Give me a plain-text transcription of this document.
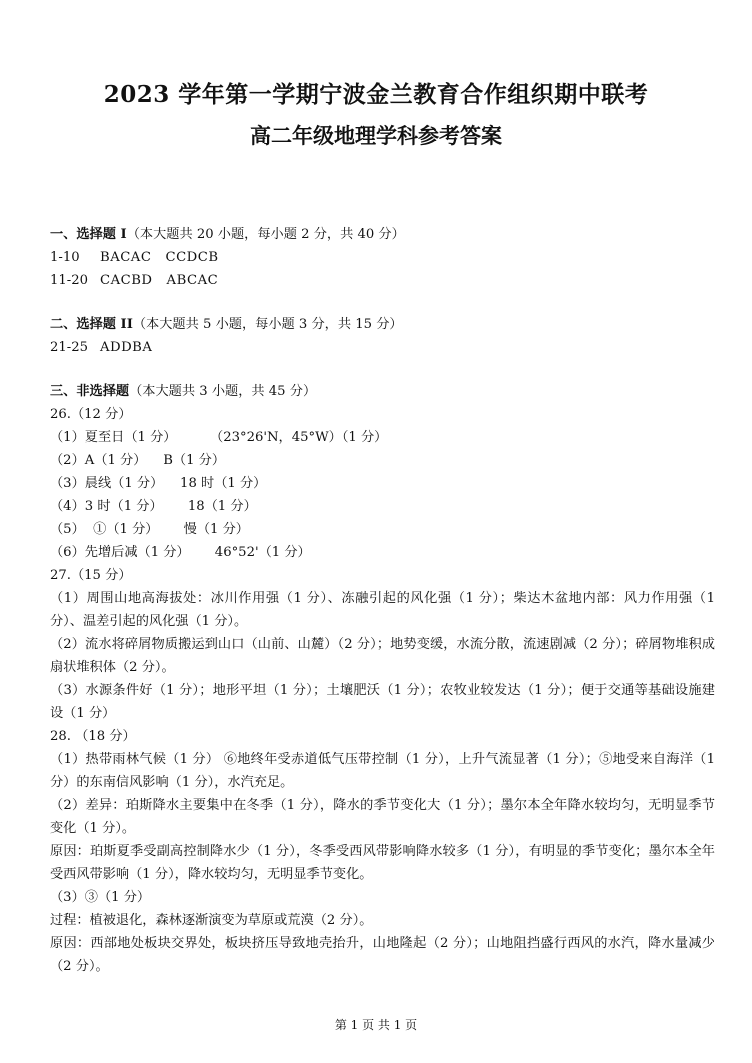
2023 学年第一学期宁波金兰教育合作组织期中联考
高二年级地理学科参考答案
一、选择题 I（本大题共 20 小题，每小题 2 分，共 40 分）
1-10 BACAC   CCDCB
11-20 CACBD   ABCAC
二、选择题 II（本大题共 5 小题，每小题 3 分，共 15 分）
21-25 ADDBA
三、非选择题（本大题共 3 小题，共 45 分）
26.（12 分）
（1）夏至日（1 分）        （23°26'N，45°W）（1 分）
（2）A（1 分）    B（1 分）
（3）晨线（1 分）    18 时（1 分）
（4）3 时（1 分）      18（1 分）
（5）  ①（1 分）      慢（1 分）
（6）先增后减（1 分）      46°52'（1 分）
27.（15 分）
（1）周围山地高海拔处：冰川作用强（1 分）、冻融引起的风化强（1 分）；柴达木盆地内部：风力作用强（1 分）、温差引起的风化强（1 分）。
（2）流水将碎屑物质搬运到山口（山前、山麓）（2 分）；地势变缓，水流分散，流速剧减（2 分）；碎屑物堆积成扇状堆积体（2 分）。
（3）水源条件好（1 分）；地形平坦（1 分）；土壤肥沃（1 分）；农牧业较发达（1 分）；便于交通等基础设施建设（1 分）
28. （18 分）
（1）热带雨林气候（1 分） ⑥地终年受赤道低气压带控制（1 分），上升气流显著（1 分）；⑤地受来自海洋（1 分）的东南信风影响（1 分），水汽充足。
（2）差异：珀斯降水主要集中在冬季（1 分），降水的季节变化大（1 分）；墨尔本全年降水较均匀，无明显季节变化（1 分）。
原因：珀斯夏季受副高控制降水少（1 分），冬季受西风带影响降水较多（1 分），有明显的季节变化；墨尔本全年受西风带影响（1 分），降水较均匀，无明显季节变化。
（3）③（1 分）
过程：植被退化，森林逐渐演变为草原或荒漠（2 分）。
原因：西部地处板块交界处，板块挤压导致地壳抬升，山地隆起（2 分）；山地阻挡盛行西风的水汽，降水量减少（2 分）。
第 1 页 共 1 页
